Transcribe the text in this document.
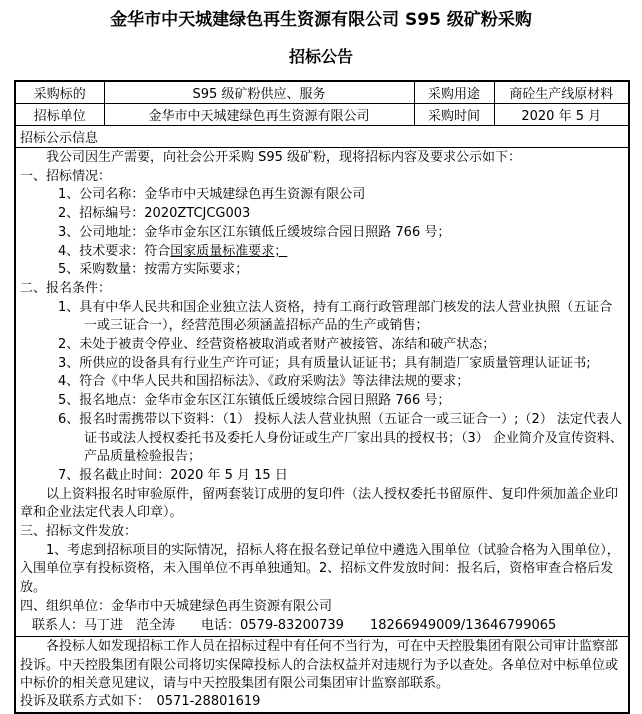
金华市中天城建绿色再生资源有限公司 S95 级矿粉采购
招标公告
采购标的	S95 级矿粉供应、服务	采购用途	商砼生产线原材料
招标单位	金华市中天城建绿色再生资源有限公司	采购时间	2020 年 5 月
招标公示信息			

我公司因生产需要，向社会公开采购 S95 级矿粉，现将招标内容及要求公示如下：

一、招标情况：

1、公司名称：金华市中天城建绿色再生资源有限公司

2、招标编号：2020ZTCJCG003

3、公司地址：金华市金东区江东镇低丘缓坡综合园日照路 766 号；

4、技术要求：符合国家质量标准要求；

5、采购数量：按需方实际要求；

二、报名条件：

1、具有中华人民共和国企业独立法人资格，持有工商行政管理部门核发的法人营业执照（五证合一或三证合一），经营范围必须涵盖招标产品的生产或销售；

2、未处于被责令停业、经营资格被取消或者财产被接管、冻结和破产状态；

3、所供应的设备具有行业生产许可证；具有质量认证证书；具有制造厂家质量管理认证证书;

4、符合《中华人民共和国招标法》、《政府采购法》等法律法规的要求；

5、报名地点：金华市金东区江东镇低丘缓坡综合园日照路 766 号；

6、报名时需携带以下资料：（1） 投标人法人营业执照（五证合一或三证合一）;（2） 法定代表人证书或法人授权委托书及委托人身份证或生产厂家出具的授权书；（3） 企业简介及宣传资料、产品质量检验报告；

7、报名截止时间：2020 年 5 月 15 日

以上资料报名时审验原件，留两套装订成册的复印件（法人授权委托书留原件、复印件须加盖企业印章和企业法定代表人印章）。

三、招标文件发放：

1、考虑到招标项目的实际情况，招标人将在报名登记单位中遴选入围单位（试验合格为入围单位），入围单位享有投标资格，未入围单位不再单独通知。2、招标文件发放时间：报名后，资格审查合格后发放。

四、组织单位：金华市中天城建绿色再生资源有限公司

联系人：马丁进　范全涛　　电话：0579-83200739　　18266949009/13646799065

各投标人如发现招标工作人员在招标过程中有任何不当行为，可在中天控股集团有限公司审计监察部投诉。中天控股集团有限公司将切实保障投标人的合法权益并对违规行为予以查处。各单位对中标单位或中标价的相关意见建议，请与中天控股集团有限公司集团审计监察部联系。

投诉及联系方式如下：　0571-28801619			
